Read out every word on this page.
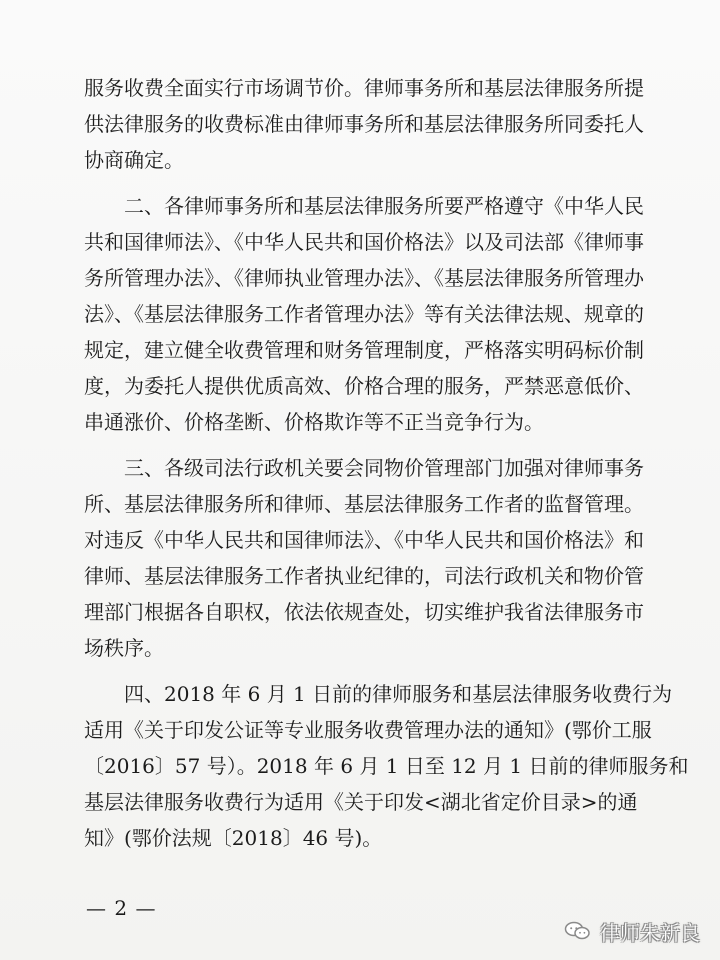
服务收费全面实行市场调节价。律师事务所和基层法律服务所提

供法律服务的收费标准由律师事务所和基层法律服务所同委托人

协商确定。

二、各律师事务所和基层法律服务所要严格遵守《中华人民

共和国律师法》、《中华人民共和国价格法》以及司法部《律师事

务所管理办法》、《律师执业管理办法》、《基层法律服务所管理办

法》、《基层法律服务工作者管理办法》等有关法律法规、规章的

规定，建立健全收费管理和财务管理制度，严格落实明码标价制

度，为委托人提供优质高效、价格合理的服务，严禁恶意低价、

串通涨价、价格垄断、价格欺诈等不正当竞争行为。

三、各级司法行政机关要会同物价管理部门加强对律师事务

所、基层法律服务所和律师、基层法律服务工作者的监督管理。

对违反《中华人民共和国律师法》、《中华人民共和国价格法》和

律师、基层法律服务工作者执业纪律的，司法行政机关和物价管

理部门根据各自职权，依法依规查处，切实维护我省法律服务市

场秩序。

四、2018 年 6 月 1 日前的律师服务和基层法律服务收费行为

适用《关于印发公证等专业服务收费管理办法的通知》(鄂价工服

〔2016〕57 号）。2018 年 6 月 1 日至 12 月 1 日前的律师服务和

基层法律服务收费行为适用《关于印发<湖北省定价目录>的通

知》(鄂价法规〔2018〕46 号)。

— 2 —
律师朱新良
